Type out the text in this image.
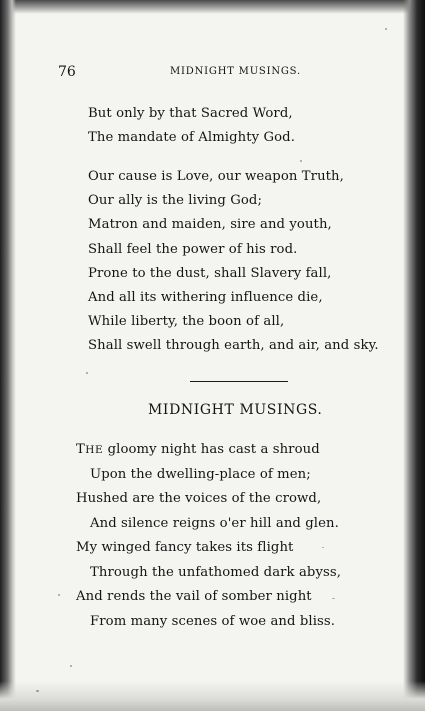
76	MIDNIGHT MUSINGS.
But only by that Sacred Word,
The mandate of Almighty God.
Our cause is Love, our weapon Truth,
Our ally is the living God;
Matron and maiden, sire and youth,
Shall feel the power of his rod.
Prone to the dust, shall Slavery fall,
And all its withering influence die,
While liberty, the boon of all,
Shall swell through earth, and air, and sky.
MIDNIGHT MUSINGS.
THE gloomy night has cast a shroud
Upon the dwelling-place of men;
Hushed are the voices of the crowd,
And silence reigns o'er hill and glen.
My winged fancy takes its flight
Through the unfathomed dark abyss,
And rends the vail of somber night
From many scenes of woe and bliss.
